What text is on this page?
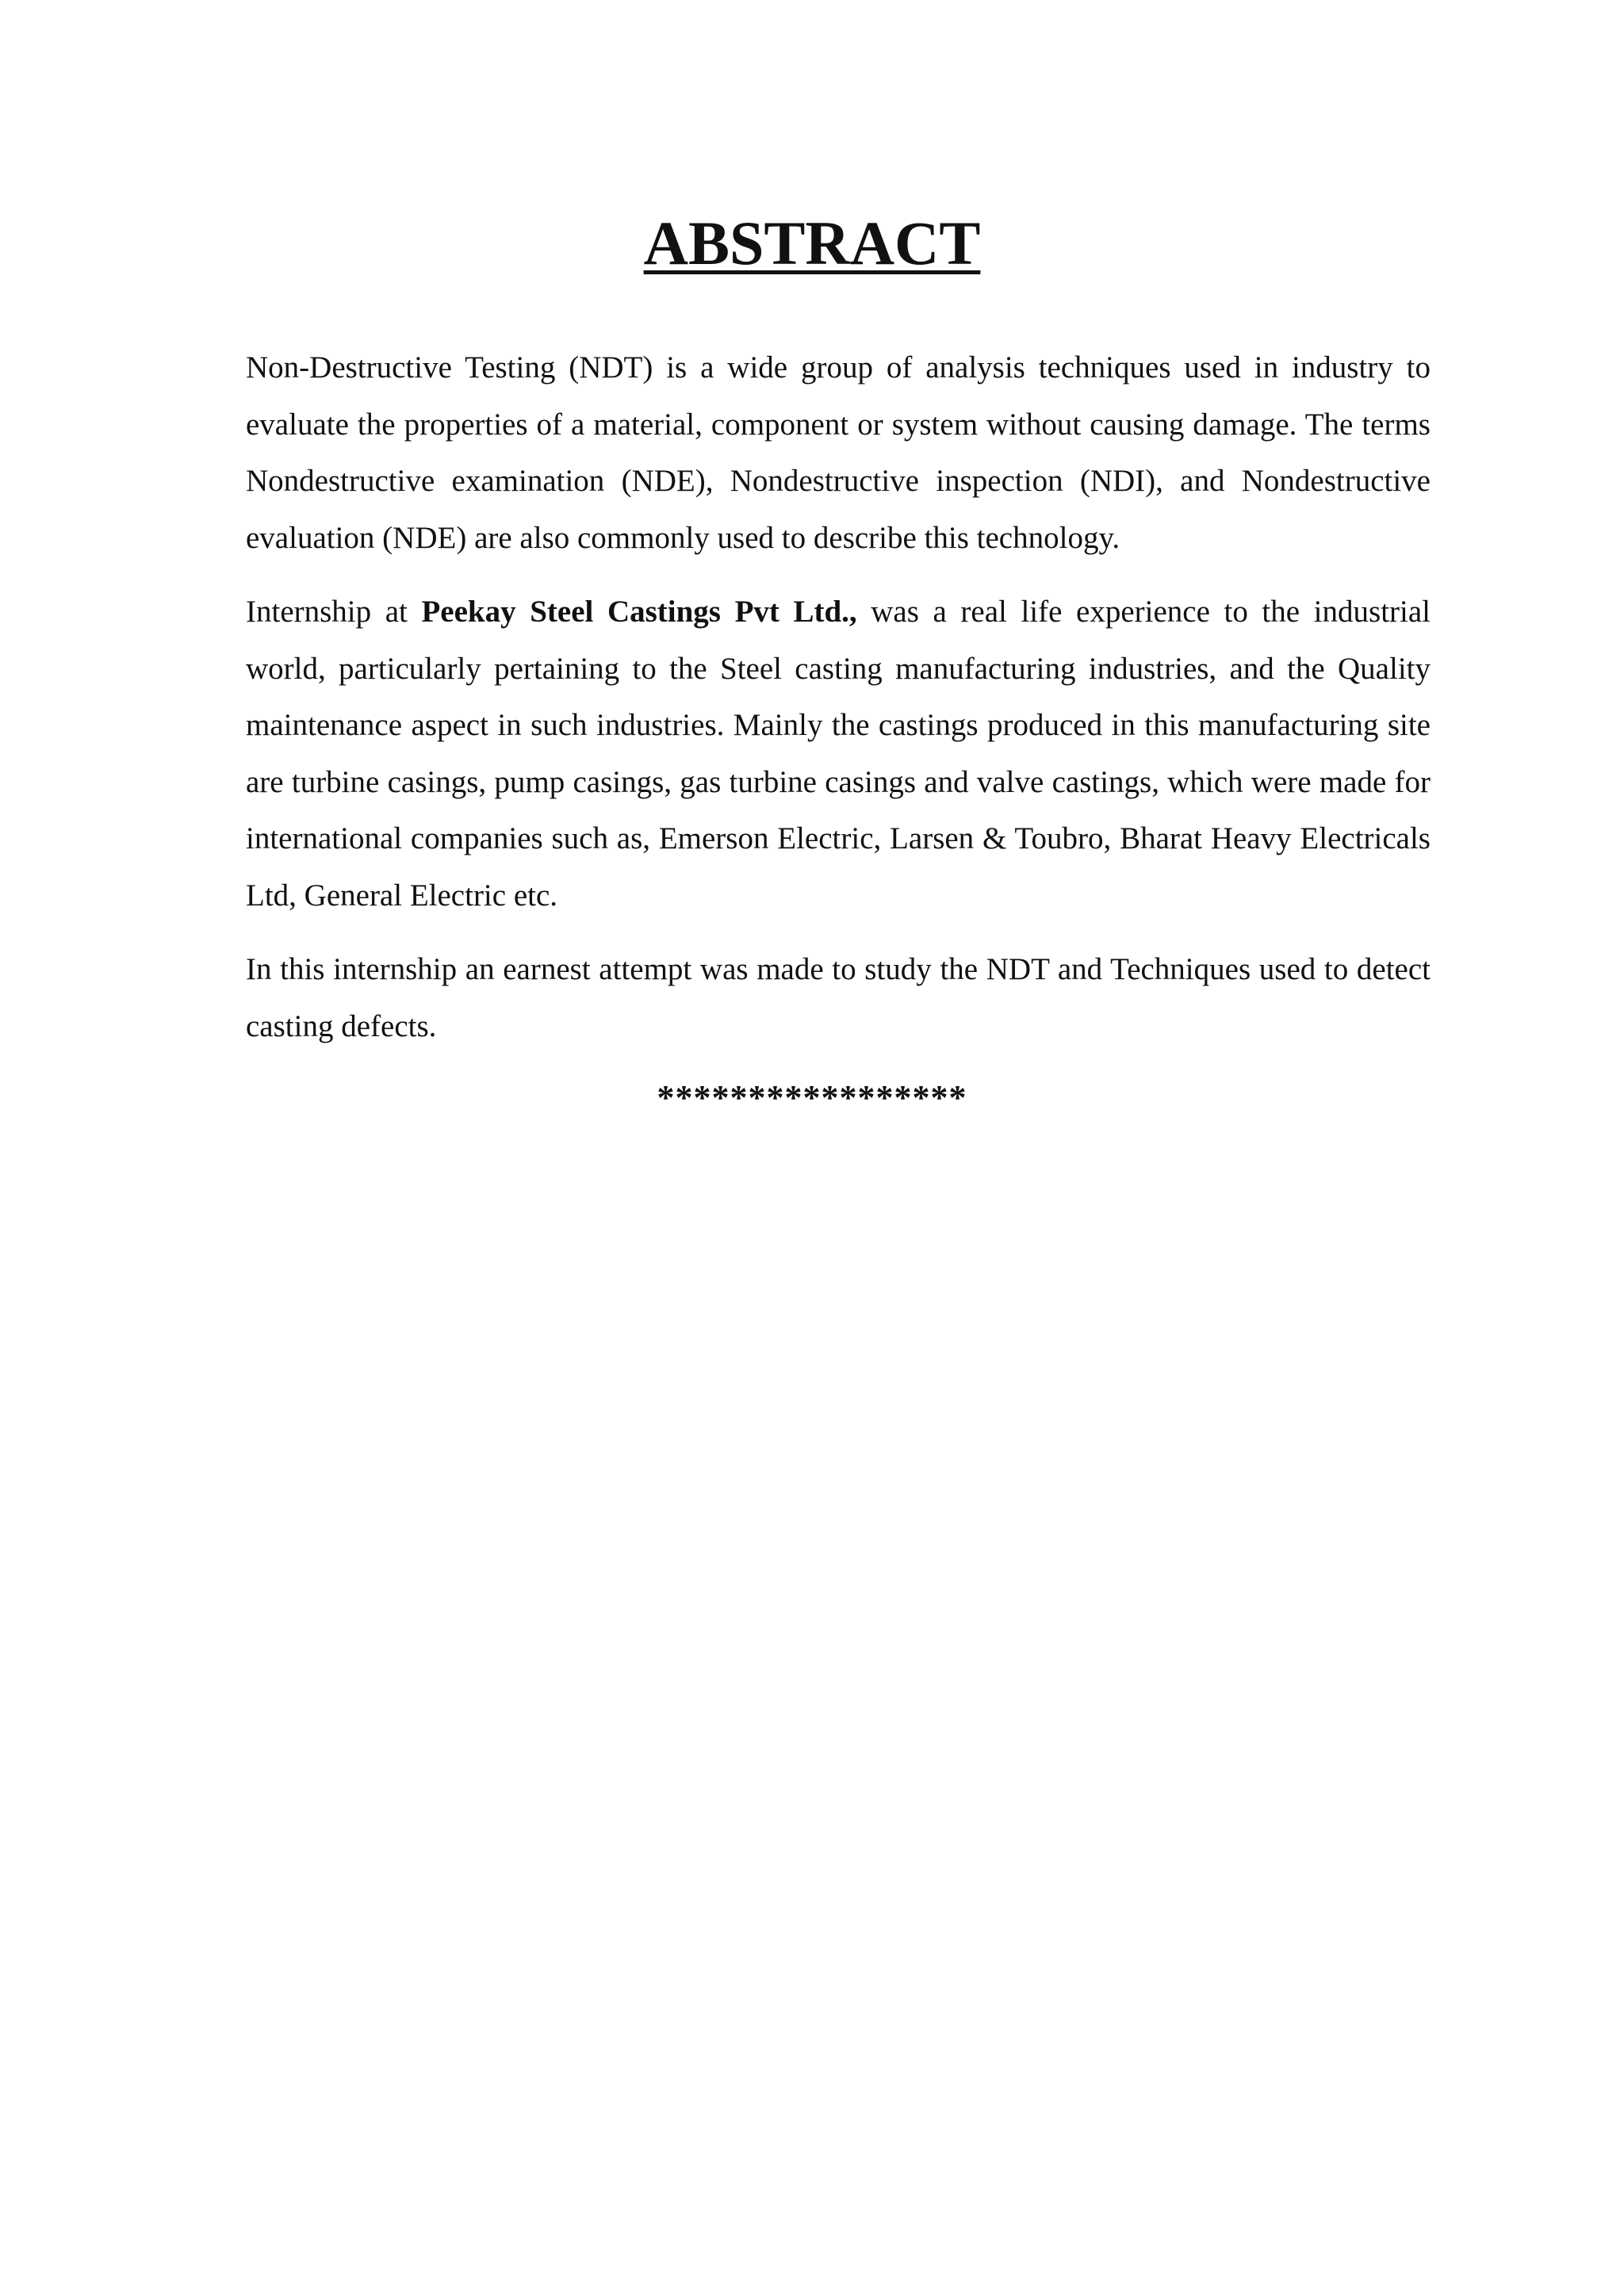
ABSTRACT

Non-Destructive Testing (NDT) is a wide group of analysis techniques used in industry to evaluate the properties of a material, component or system without causing damage. The terms Nondestructive examination (NDE), Nondestructive inspection (NDI), and Nondestructive evaluation (NDE) are also commonly used to describe this technology.

Internship at Peekay Steel Castings Pvt Ltd., was a real life experience to the industrial world, particularly pertaining to the Steel casting manufacturing industries, and the Quality maintenance aspect in such industries. Mainly the castings produced in this manufacturing site are turbine casings, pump casings, gas turbine casings and valve castings, which were made for international companies such as, Emerson Electric, Larsen & Toubro, Bharat Heavy Electricals Ltd, General Electric etc.

In this internship an earnest attempt was made to study the NDT and Techniques used to detect casting defects.

*****************
